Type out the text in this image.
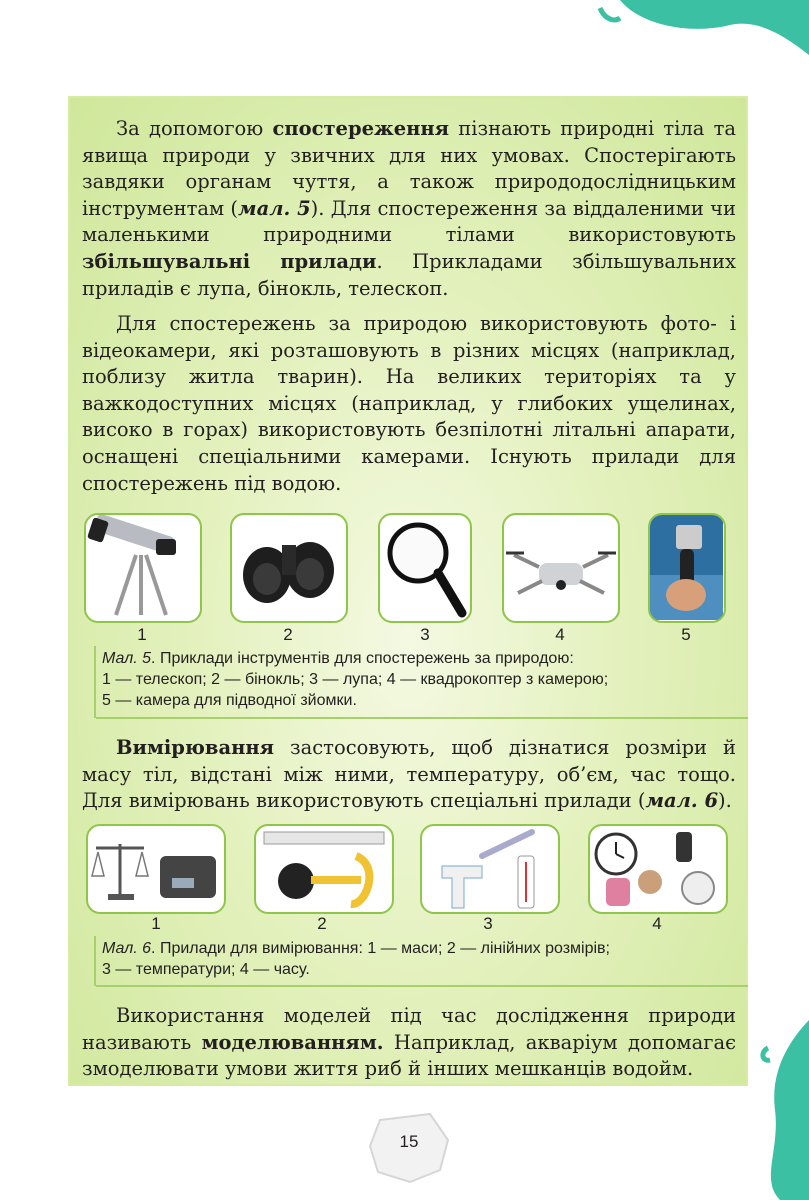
За допомогою спостереження пізнають природні тіла та явища природи у звичних для них умовах. Спостерігають завдяки органам чуття, а також природодослідницьким інструментам (мал. 5). Для спостереження за віддаленими чи маленькими природними тілами використовують збільшувальні прилади. Прикладами збільшувальних приладів є лупа, бінокль, телескоп.

Для спостережень за природою використовують фото- і відеокамери, які розташовують в різних місцях (наприклад, поблизу житла тварин). На великих територіях та у важкодоступних місцях (наприклад, у глибоких ущелинах, високо в горах) використовують безпілотні літальні апарати, оснащені спеціальними камерами. Існують прилади для спостережень під водою.

1	2	3	4	5
Мал. 5. Приклади інструментів для спостережень за природою:
1 — телескоп; 2 — бінокль; 3 — лупа; 4 — квадрокоптер з камерою;
5 — камера для підводної зйомки.

Вимірювання застосовують, щоб дізнатися розміри й масу тіл, відстані між ними, температуру, об’єм, час тощо. Для вимірювань використовують спеціальні прилади (мал. 6).

1	2	3	4
Мал. 6. Прилади для вимірювання: 1 — маси; 2 — лінійних розмірів;
3 — температури; 4 — часу.

Використання моделей під час дослідження природи називають моделюванням. Наприклад, акваріум допомагає змоделювати умови життя риб й інших мешканців водойм.

15
